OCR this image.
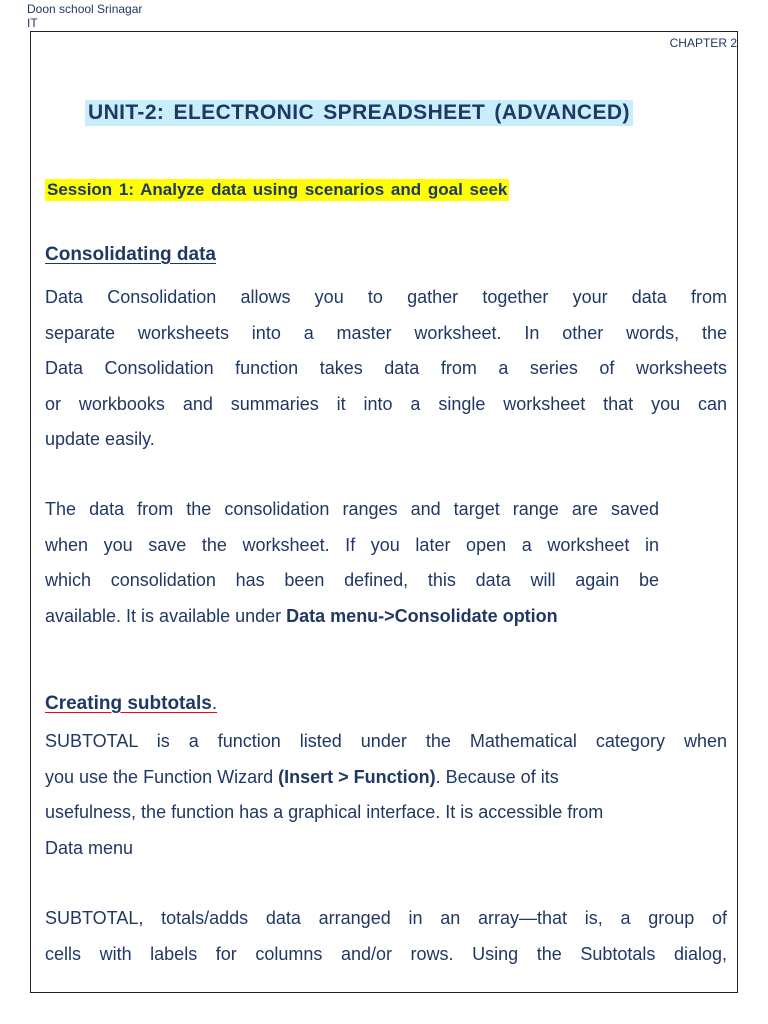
Doon school Srinagar
IT
CHAPTER 2
UNIT-2: ELECTRONIC SPREADSHEET (ADVANCED)
Session 1: Analyze data using scenarios and goal seek
Consolidating data
Data Consolidation allows you to gather together your data from
separate worksheets into a master worksheet. In other words, the
Data Consolidation function takes data from a series of worksheets
or workbooks and summaries it into a single worksheet that you can
update easily.
The data from the consolidation ranges and target range are saved
when you save the worksheet. If you later open a worksheet in
which consolidation has been defined, this data will again be
available. It is available under Data menu->Consolidate option
Creating subtotals.
SUBTOTAL is a function listed under the Mathematical category when
you use the Function Wizard (Insert > Function). Because of its
usefulness, the function has a graphical interface. It is accessible from
Data menu
SUBTOTAL, totals/adds data arranged in an array—that is, a group of
cells with labels for columns and/or rows. Using the Subtotals dialog,
